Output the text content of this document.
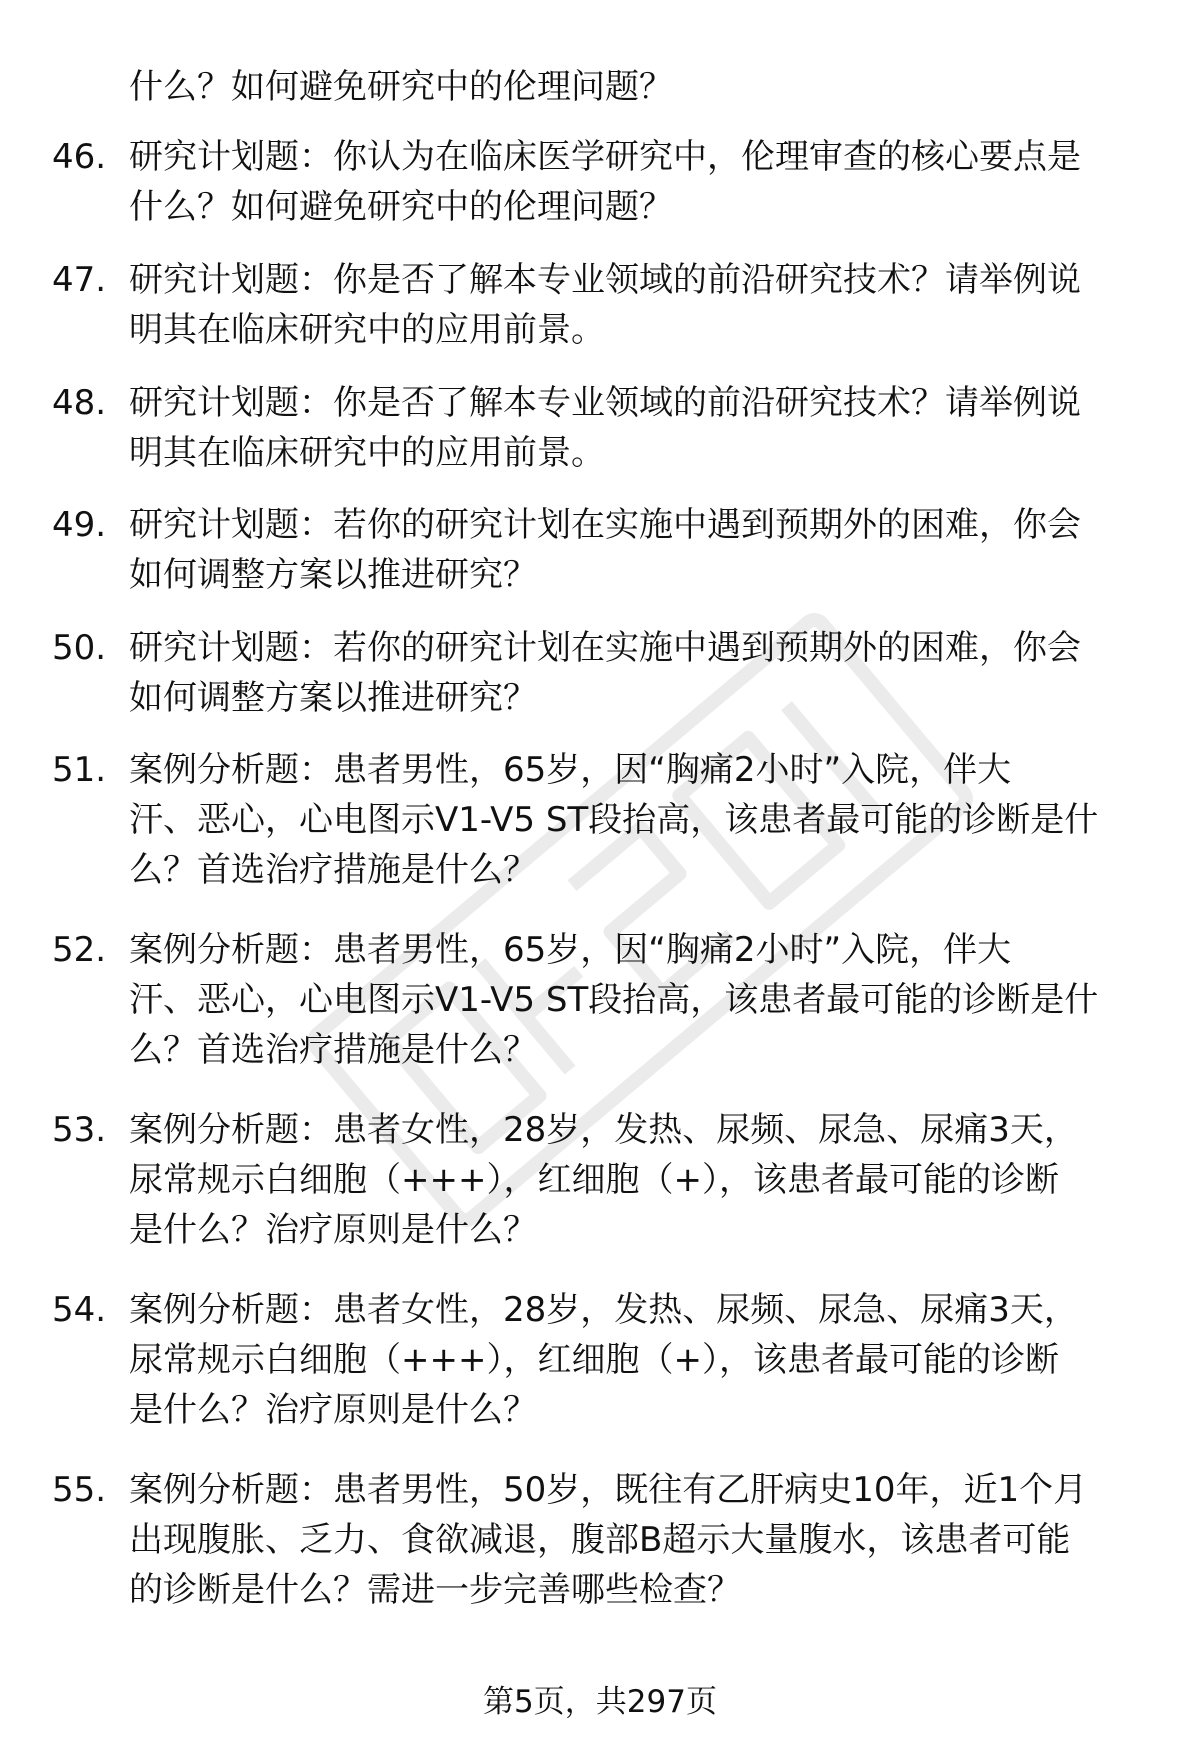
什么？如何避免研究中的伦理问题？
46. 研究计划题：你认为在临床医学研究中，伦理审查的核心要点是
什么？如何避免研究中的伦理问题？
47. 研究计划题：你是否了解本专业领域的前沿研究技术？请举例说
明其在临床研究中的应用前景。
48. 研究计划题：你是否了解本专业领域的前沿研究技术？请举例说
明其在临床研究中的应用前景。
49. 研究计划题：若你的研究计划在实施中遇到预期外的困难，你会
如何调整方案以推进研究？
50. 研究计划题：若你的研究计划在实施中遇到预期外的困难，你会
如何调整方案以推进研究？
51. 案例分析题：患者男性，65岁，因“胸痛2小时”入院，伴大
汗、恶心，心电图示V1-V5 ST段抬高，该患者最可能的诊断是什
么？首选治疗措施是什么？
52. 案例分析题：患者男性，65岁，因“胸痛2小时”入院，伴大
汗、恶心，心电图示V1-V5 ST段抬高，该患者最可能的诊断是什
么？首选治疗措施是什么？
53. 案例分析题：患者女性，28岁，发热、尿频、尿急、尿痛3天，
尿常规示白细胞（+++），红细胞（+），该患者最可能的诊断
是什么？治疗原则是什么？
54. 案例分析题：患者女性，28岁，发热、尿频、尿急、尿痛3天，
尿常规示白细胞（+++），红细胞（+），该患者最可能的诊断
是什么？治疗原则是什么？
55. 案例分析题：患者男性，50岁，既往有乙肝病史10年，近1个月
出现腹胀、乏力、食欲减退，腹部B超示大量腹水，该患者可能
的诊断是什么？需进一步完善哪些检查？
第5页，共297页
